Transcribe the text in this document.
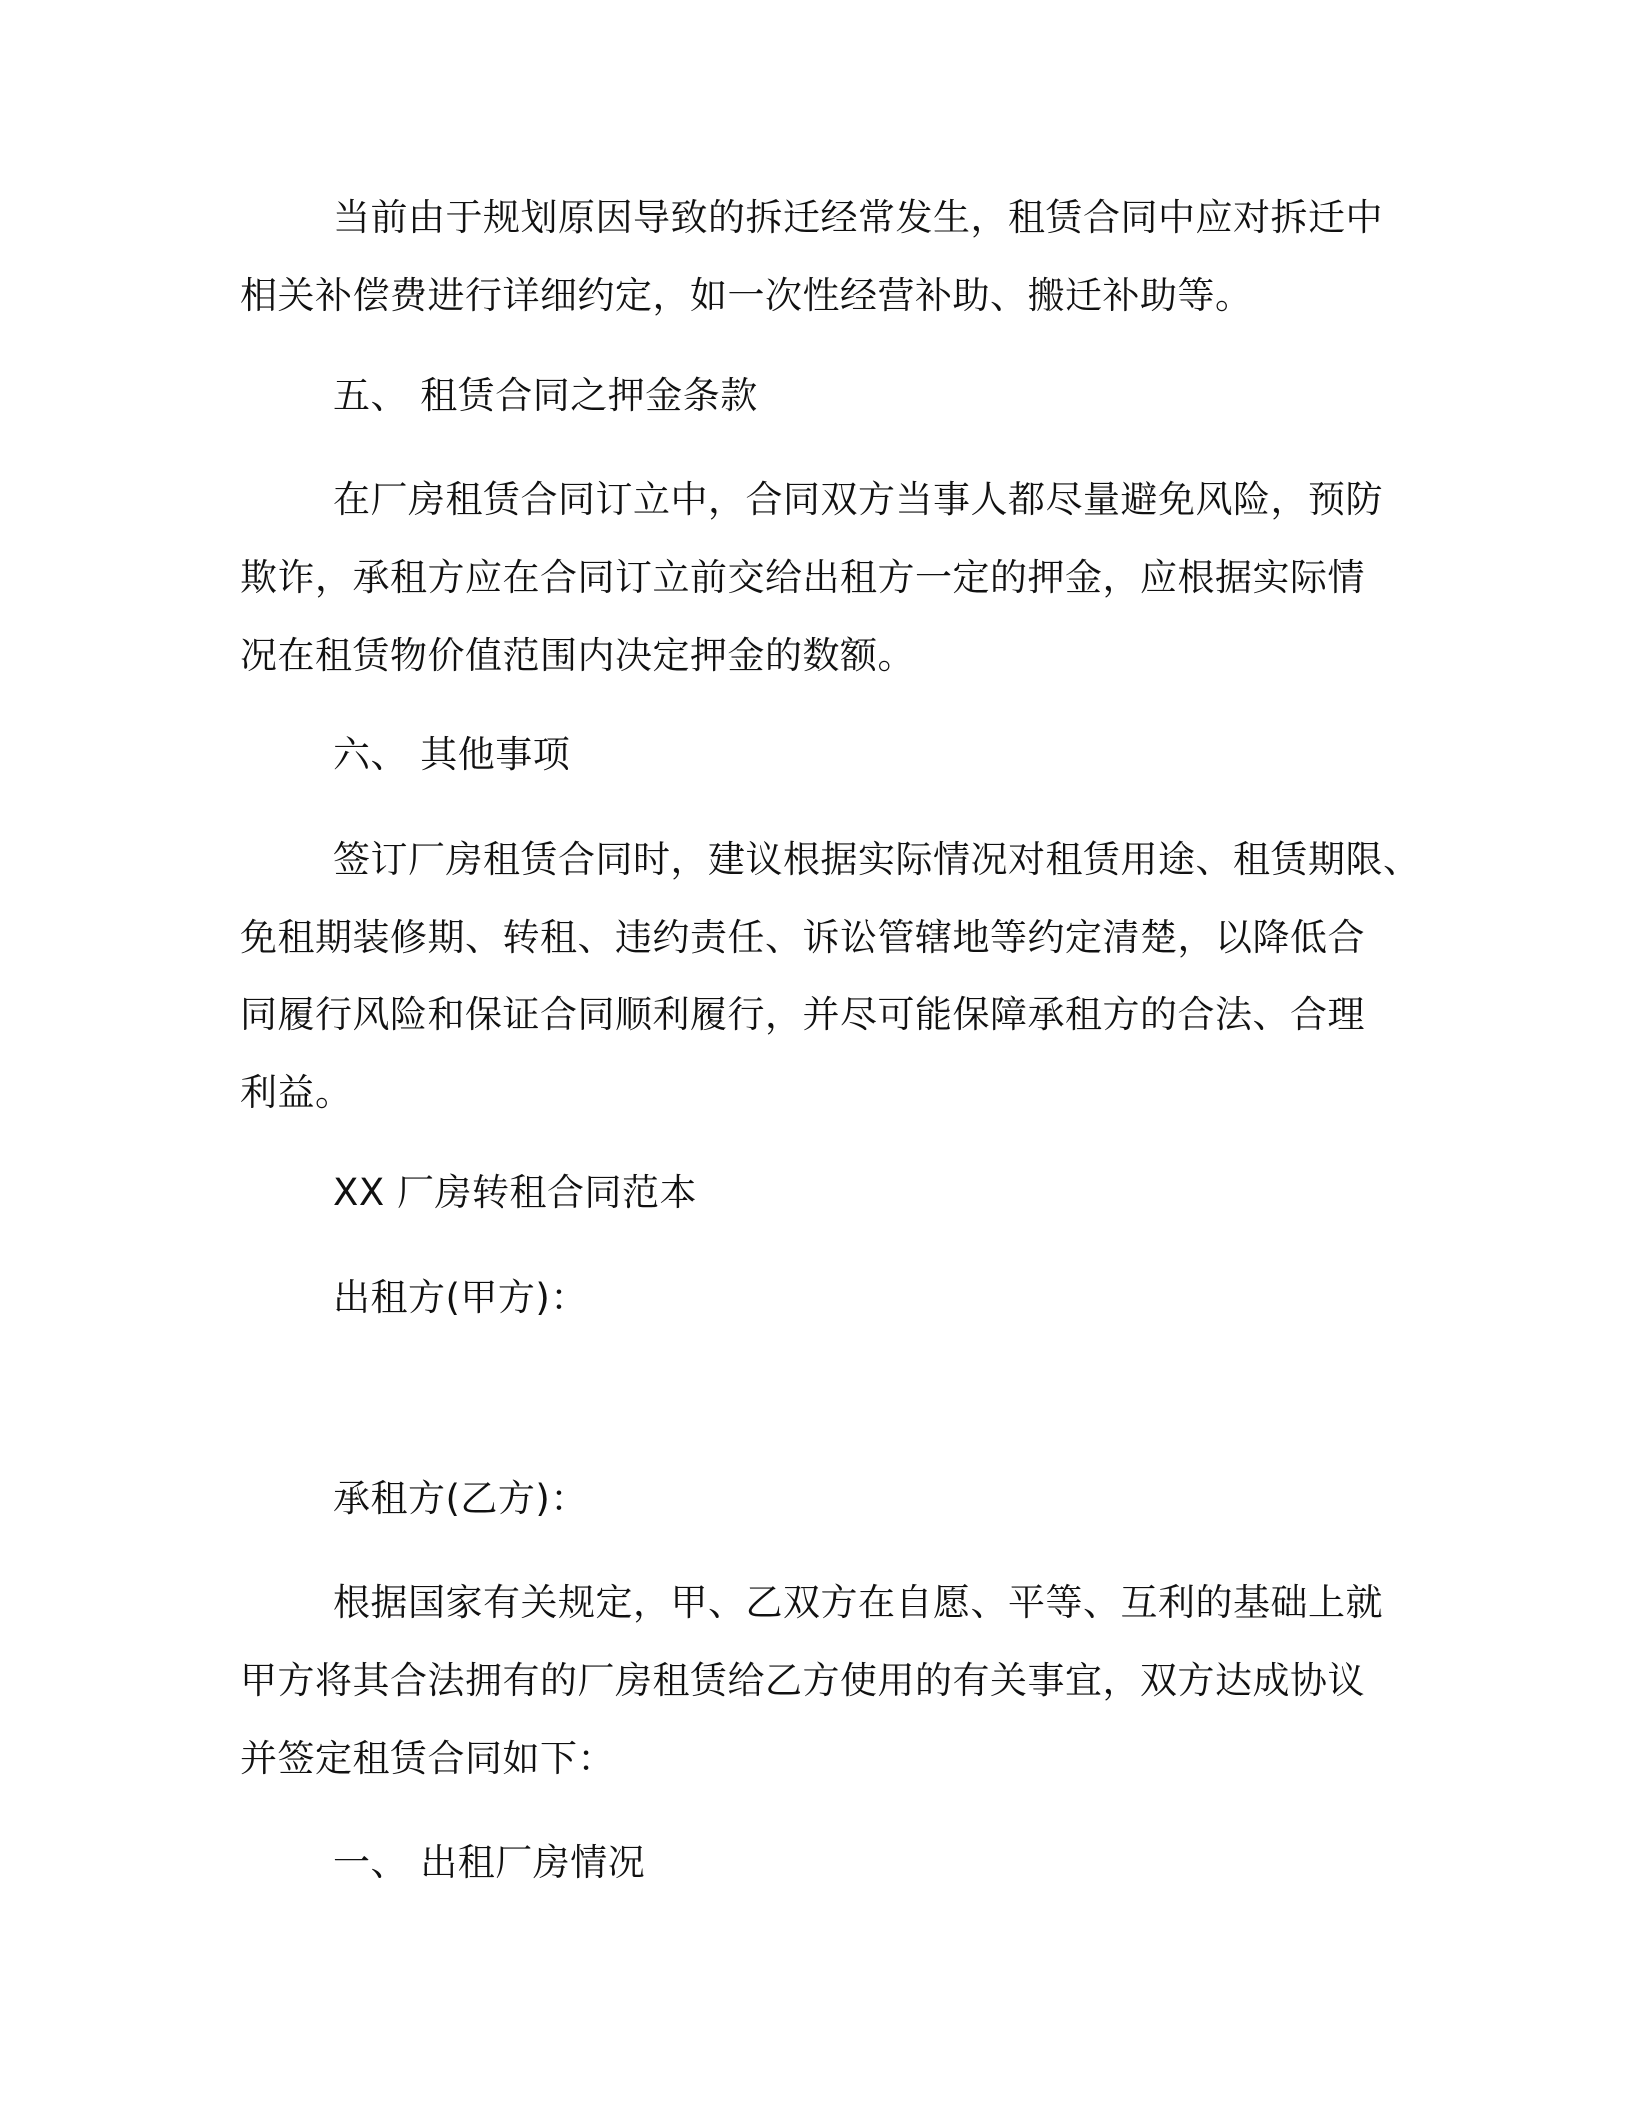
当前由于规划原因导致的拆迁经常发生，租赁合同中应对拆迁中
相关补偿费进行详细约定，如一次性经营补助、搬迁补助等。
五、 租赁合同之押金条款
在厂房租赁合同订立中，合同双方当事人都尽量避免风险，预防
欺诈，承租方应在合同订立前交给出租方一定的押金，应根据实际情
况在租赁物价值范围内决定押金的数额。
六、 其他事项
签订厂房租赁合同时，建议根据实际情况对租赁用途、租赁期限、
免租期装修期、转租、违约责任、诉讼管辖地等约定清楚，以降低合
同履行风险和保证合同顺利履行，并尽可能保障承租方的合法、合理
利益。
XX 厂房转租合同范本
出租方(甲方)：
承租方(乙方)：
根据国家有关规定，甲、乙双方在自愿、平等、互利的基础上就
甲方将其合法拥有的厂房租赁给乙方使用的有关事宜，双方达成协议
并签定租赁合同如下：
一、 出租厂房情况
